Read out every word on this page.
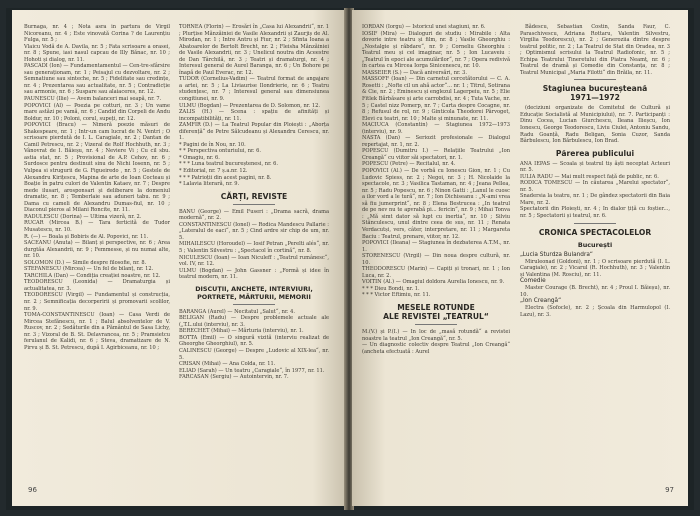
Burnaga, nr. 4 ; Nota asra in partura de Virgil Nicoreanu, nr. 4 ; Este vinovată Corina ? de Laurențiu Fulga, nr. 5 ;

Vlaicu Vodă de A. Davila, nr. 5 ; Fata scrisoare a orasei, nr. 8 ; Spune, iasi nasul capcau de Illy Bănac, nr. 10 ; Hohoti și dialog, nr. 11.

PASCADI (Ion) — Fundamentamentul — Cen-tre-sfârsire sau generaționam, nr. 1 ; Peisajul cu dezvoltare, nr. 2 ; Semnatiune sau sinteche, nr. 5 ; Fidelitate sau credințe, nr. 4 ; Prezentarea sau actualitate, nr. 5 ; Contradicție sau armonie, nr. 6 ; Suspare sau alaiaceres, nr. 12.

PAUNESCU (Ilie) — Avem balanceri mai seapă, nr. 7.

POPOVICI (Al) — Poezia pe cotturi, nr. 3 ; Un vame mare astăzi pe vamă, nr. 6 ; Candid din Corpeli de Andu Boldur, nr. 10 ; Poloni, corul, supeți, nr. 12.

POPOVICI (Bracu) — Nimeră poezie măsuri de Shakespeare, nr. 1 ; Intr-un cam lucrat de N. Ventri ; O scrisoare pierdută de I. L. Caragiale, nr. 2 ; Dantan de Camil Petrescu, nr. 2 ; Vizeral de Rolf Hochhuth, nr. 3 ; Vânovrat de I. Băieșu, nr. 4 ; Neviere Vi ; Cu cil sbu. astia stat, nr. 5 ; Provisional de A.P. Cehov, nr. 6 ; Surdosce pentru destinuit sinu de Nichi Iosenn, nr. 5 ; Vulpea si strugurii de G. Figueiredo , nr. 5 ; Gestele de Alexandru Kirițescu, Mapina de arte de Ioan Cocteau și Boație în patru culori de Valentin Kataev, nr. 7 ; Despre mede ilusari, arosponsari și deliberare la domeniul dramatic, nr. 8 ; Temberlaie sau aduneri tabu. nr. 9 ; Dama cu cameli de Alexandru Dumas-fiul, nr. 10 ; Diaconul pieros al Milani Roncite, nr. 11.

RADULESCU (Dorina) — Ultima vizeră, nr. 2.

RUCAR (Mircea B.) — Tara ferticită de Tudor Musatescu, nr. 10.

R. (—) — Boala și Bobiris de Al. Popovici, nr. 11.

SACEANU (Anuta) — Bilanț și perspective, nr. 6 ; Area durgtăa Alexandrii, nr. 9 ; Femmesse, și nu numai alte, nr. 10.

SOLOMON (D.) — Simile despre filosofie, nr. 8.

STEFANESCU (Mircea) — Un fel de bilanț, nr. 12.

TARCHILA (Dan) — Condiția creației noastre, nr. 12.

TEODORESCU (Leonida) — Dramaturgia și actualitatea, nr. 3.

TEODORESCU (Virgil) — Fundamentul și construcția, nr. 2 ; Semnificația decorperirii și promovarii scolilor, nr. 9.

TOMA-CONSTANTINESCU (Ioan) — Casa Verdi de Mircea Stefănescu, nr. 1 ; Balul absolventelor de V. Ruscov, nr. 2 ; Sedăturile din a Pământul de Sasa Lichy, nr. 3 ; Vizoral de B. St. Delavrancea, nr. 5 ; Pramsietcu ferulanul de Kalidi, nr. 6 ; Steva, dramatizare de N. Pirvu și B. St. Petrescu, după I. Agirbiceanu, nr. 10 ;

TORNEA (Florin) — Erosări în „Casa lui Alexandrii“, nr. 1 ; Plurțise Mănzăiniei de Vasile Alexandrii și Zaurjiș de Al. Mirodan, nr. 1 ; Intre Antru și Fiur, nr. 2 ; Sfinta Ioana a Abatoarelor de Bertolt Brecht, nr. 2 ; Fleisha Mănzăiniei de Vasile Alexandrii, nr. 3 ; Unelicul noutra din Aceestre de Dan Târchilă, nr. 3 ; Teatri și dramaturgi, nr. 4 ; Interesul general de Aurel Baranga, nr. 6 ; Un Bohore pe înapă de Paul Everac, nr. 12.

TUDOR (Cornelius-Vadim) — Teatrul format de angajare a artei, nr. 5 ; La Liviaurise Ilondrierie, nr. 6 ; Teatru studențesc, nr. 7 ; Interesul general sau dimensiunea congitiunei, nr. 9.

ULMU (Bogdan) — Prezentarea de D. Solomon, nr. 12.

ZALIS (H.) — Scena : spațiu de afinități și incompatibilități, nr. 11.

ZAMFIR (D.) — La Teatrul Popular din Ploiești : „Aborța diferență“ de Petre Sălcudeanu și Alexandru Cerescu, nr. 1.

* Pagini de în Nou, nr. 10.

* * Perspectiva onturiului, nr. 6.

* Omagiu, nr. 6.

* * * Luna teatrul bucureștenesi, nr. 6.

* Editorial, nr. 7 ș.a.nr. 12.

* * * Patrioții din acest pagini, nr. 8.

* Lalavia literară, nr. 9.

CĂRȚI, REVISTE

BANU (George) — Emil Fuseri : „Drama sacră, drama modernă“, nr. 2.

CONSTANTINESCU (Ionel) — Rodica Mandescu Pallarie : „Lateralul de eaci“, nr. 5 ; Cind ardre sir chip de um, nr. 5.

MIHAILESCU (Horoudel) — Iosif Petran „Perelti alés“, nr. 5 ; Valentin Silvestru : „Spectacol în cortină“, nr. 8.

NICULESCU (Ioan) — Ioan Niculeff : „Teatrul rumânesc“, vol. IV, nr. 12.

ULMU (Bogdan) — John Gassner : „Formă și idee în teatrul modern, nr. 11.

DISCUȚII, ANCHETE, INTERVIURI, PORTRETE, MĂRTURII, MEMORII

BARANGA (Aurel) — Necitatul „Salut“, nr. 4.

BELIGAN (Radu) — Despre problemele actuale ale („T.L.ului (interviu), nr. 3.

BERECHET (Mihai) — Mărturia (interviu), nr. 1.

BOTTA (Emil) — O singură vizită (interviu realizat de Gheorghe Gheorghiul), nr. 5.

CALINESCU (George) — Despre „Ludovic al XIX-lea“, nr. 5.

CRISAN (Mihai) — Ana Colda, nr. 11.

ELIAD (Sarah) — Un teatru „Caragiale“, în 1977, nr. 11.

FARCASAN (Sergiu) — Autointervin, nr. 7.

96

IORDAN (Iorgu) — Istoricul unei stagiuni, nr. 6.

IOSIF (Mira) — Dialoguri de studiu : Mirabile : Alta dovorie intre teatru și film, nr. 8 ; Vasile Gheorghiu : „Nostalgie și răbdare“, nr. 9 ; Corneliu Gheorghiu : Teatrul meu și cel imaginar, nr. 5 ; Ion Lucaveiu : „Teatrul în epoci ale acumulărilor“, nr. 7 ; Opera redivivă în cartea cu Mircea Iorga Sinicenescu, nr. 10.

MASSEIER (S.) — Dacă aniversări, nr. 3.

MASSOFF (Ioan) — Din carnetul cercetătorului — C. A. Rosetti : „Nofte cil un ahă actor“... nr. 1 ; Titrul, Sotirana & Cie, nr. 2 ; Eminescu și englezul Lagerpeiu, nr. 5 ; Elie Fitlek Bărbăsare și arte carrobdisi, nr. 4 ; Tuta Vache, nr. 5 ; Castel nizz Pomerp, nr. 7 ; Carta despre Cocagne, nr. 8 ; Refusul de rol, nr. 9 ; Ginticola Theodorei Pârvoget, Elevi cu teatri, nr. 10 ; Malte și minunate, nr. 11.

MACIUCA (Constantin) — Stagiunea 1972—1973 (interviu), nr. 9.

NASTA (Dan) — Seriozit profesionale — Dialogul repertajat, nr. 1, nr. 2.

POPESCU (Dumitru I.) — Relațiile Teatrului „Ion Creangă“ cu viitor săi spectatori, nr. 1.

POPESCU (Petre) — Recitalul, nr. 4.

POPOVICI (Al.) — De vorbă cu Ionescu Gion, nr. 1 ; Cu Ludovic Spiess, nr. 2 ; Negoi, nr. 3 ; H. Nicolaide la spectacole, nr. 3 ; Vasilica Tastaman, nr. 4 ; Jeana Pellea, nr. 5 ; Radu Popescu, nr. 6 ; Ninon Gatti : „Lanul le cuosc a ilor vord a le tură“, nr. 7 ; Ion Dichiseanu : „N-ami vrea să fiu jumerprint“, nr. 8 ; Elena Bestrucea : „In teatrul de pe nev nu te apvrabă pi... fericin“, nr. 9 ; Mihai Tonva : „Mă simt dator să lupt cu inertia“, nr. 10 ; Silviu Stănculescu, unul dintre ceea de sus, nr. 11 ; Renata Verdacutși, vers, câter, interpretare, nr. 11 ; Margareta Baciu : Teatrul, prenare, viitor, nr. 12.

POPOVICI (Ileana) — Stagiunea în dezbaterea A.T.M., nr. 1.

STORENESCU (Virgil) — Din noua despre cultură, nr. 10.

THEODORESCU (Marin) — Capiți și tronari, nr. 1 ; Ion Luca, nr. 2.

VOITIN (Al.) — Omagiul doldora Aurelia Ionescu, nr. 9.

* * * Dieu Bondi, nr. 1.

* * * Victor Eftimiu, nr. 11.

MESELE ROTUNDE
ALE REVISTEI „TEATRUL“

M.(V.) și P.(I.) — In loc de „masă rotundă“ a revistei noastre la teatrul „Ion Creangă“, nr. 5.

— Un diagnostic colectiv despre Teatrul „Ion Creangă“ (ancheta efectuată : Aurel

Bădescu, Sebastian Costin, Sanda Faur, C. Paraschivescu, Adriana Rottaru, Valentin Silvestru, Virgilia Teodorescu), nr. 2 ; Generoziia dintre despre teatrul politic, nr. 2 ; La Teatrul de Stat din Oradea, nr. 3 ; Optimismul scrisului la Teatrul Radiofonic, nr. 5 ; Echipa Teatrului Tineretului din Piatra Neamț, nr. 6 ; Teatrul de dramă și Comedie din Constanța, nr. 8 ; Teatrul Municipal „Maria Filotti“ din Brăila, nr. 11.

Stagiunea bucureșteană
1971—1972

(deciziuni organizate de Comitetul de Cultură și Educație Socialistă al Municipiului), nr. 7. Participanți : Dinu Cocea, Lucian Giurchescu, Ileana Ilieșcu, Ion Ionescu, George Teodorescu, Liviu Ciulei, Antoniu Sandu, Radu Goanță, Radu Beligan, Sonia Cuzor, Sanda Bârbulescu, Ion Bărbulescu, Ion Brad.

Părerea publicului

ANA IEPAS — Scoala și teatrul tiș ăști neceptat Acteuri nr. 5.

IULIA RADU — Mai mult respect față de public, nr. 6.

RODICA TOMESCU — In căutarea „Marelui spectator“, nr. 5.

Snadersia la teatru, nr. 1 ; De gândez spectatorii din Baia Mare, nr. 2.

Spectatorii din Ploiești, nr. 4 ; In dialor țiță cu foștier..., nr. 5 ; Spectatorii și teatrul, nr. 6.

CRONICA SPECTACOLELOR
București

„Lucia Sturdza Bulandra“

Miruleonad (Goldoni), nr. 1 ; O scrisoare pierdută (I. L. Caragiale), nr. 2 ; Vicarul (R. Hochhuth), nr. 3 ; Valentin și Valentina (M. Rosciu), nr. 11.

Comedie

Master Courage (B. Brecht), nr. 4 ; Proul I. Băieșu), nr. 10.

„Ion Creangă“

Electra (Sofocle), nr. 2 ; Școala din Harmulopol (I. Lazu), nr. 3.

97
